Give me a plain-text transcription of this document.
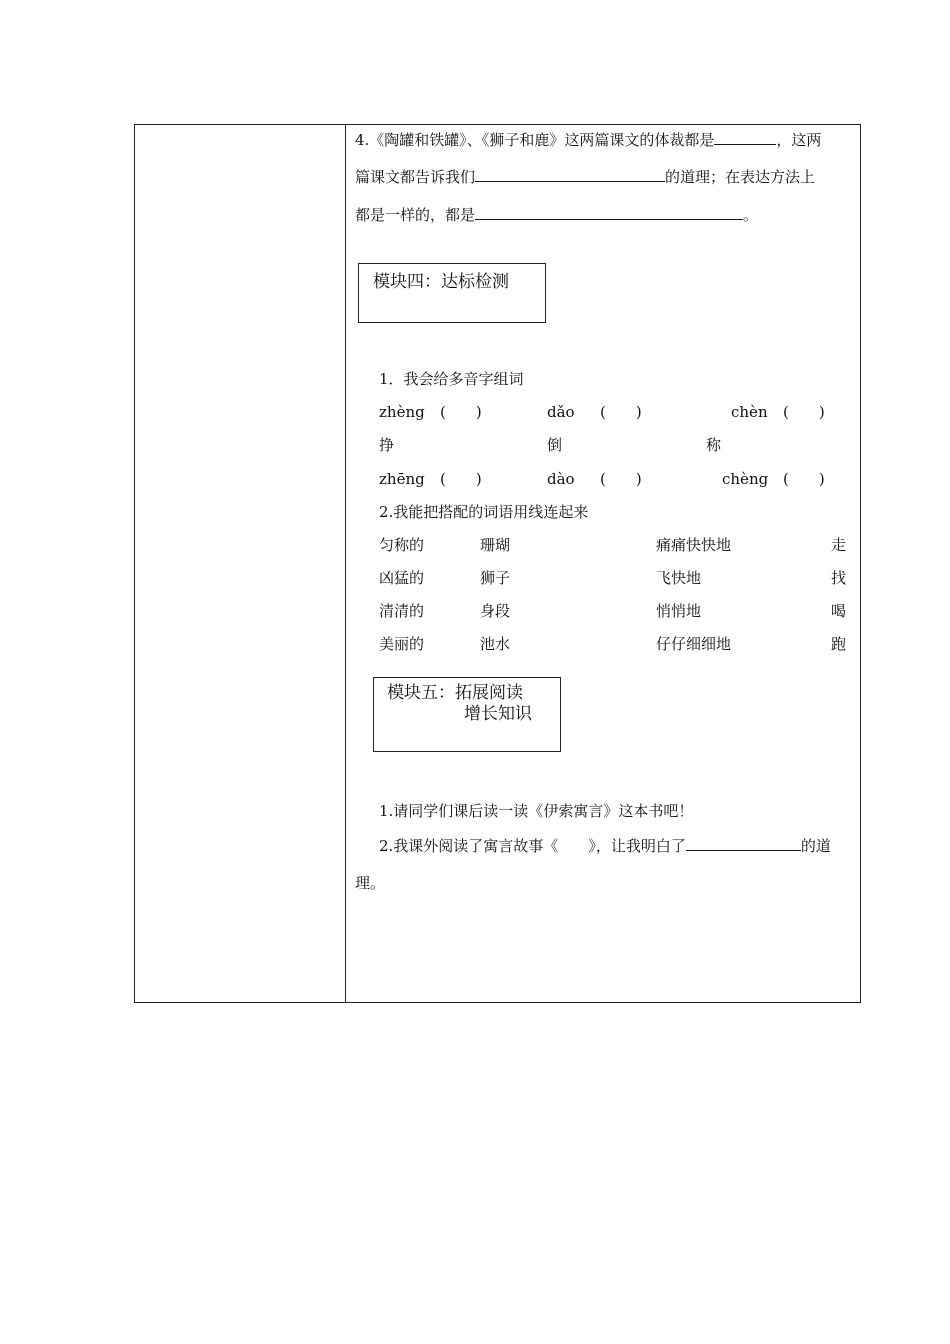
4.《陶罐和铁罐》、《狮子和鹿》这两篇课文的体裁都是	，这两
篇课文都告诉我们	的道理；在表达方法上
都是一样的，都是	。
模块四：达标检测
1．我会给多音字组词
zhèng (　　)	dǎo (　　)	chèn (　　)
挣	倒	称
zhēng (　　)	dào (　　)	chèng (　　)
2.我能把搭配的词语用线连起来
匀称的	珊瑚	痛痛快快地	走
凶猛的	狮子	飞快地	找
清清的	身段	悄悄地	喝
美丽的	池水	仔仔细细地	跑
模块五：拓展阅读
增长知识
1.请同学们课后读一读《伊索寓言》这本书吧！
2.我课外阅读了寓言故事《　　》，让我明白了	的道
理。
